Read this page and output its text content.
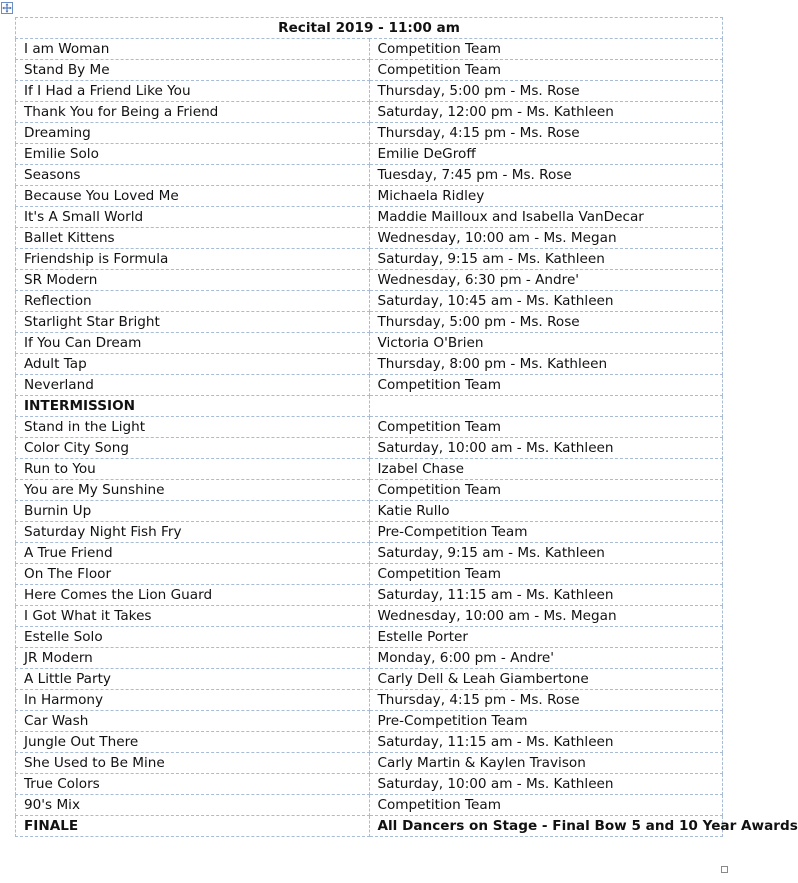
Recital 2019 - 11:00 am	
I am Woman	Competition Team
Stand By Me	Competition Team
If I Had a Friend Like You	Thursday, 5:00 pm - Ms. Rose
Thank You for Being a Friend	Saturday, 12:00 pm - Ms. Kathleen
Dreaming	Thursday, 4:15 pm - Ms. Rose
Emilie Solo	Emilie DeGroff
Seasons	Tuesday, 7:45 pm - Ms. Rose
Because You Loved Me	Michaela Ridley
It's A Small World	Maddie Mailloux and Isabella VanDecar
Ballet Kittens	Wednesday, 10:00 am - Ms. Megan
Friendship is Formula	Saturday, 9:15 am - Ms. Kathleen
SR Modern	Wednesday, 6:30 pm - Andre'
Reflection	Saturday, 10:45 am - Ms. Kathleen
Starlight Star Bright	Thursday, 5:00 pm - Ms. Rose
If You Can Dream	Victoria O'Brien
Adult Tap	Thursday, 8:00 pm - Ms. Kathleen
Neverland	Competition Team
INTERMISSION	
Stand in the Light	Competition Team
Color City Song	Saturday, 10:00 am - Ms. Kathleen
Run to You	Izabel Chase
You are My Sunshine	Competition Team
Burnin Up	Katie Rullo
Saturday Night Fish Fry	Pre-Competition Team
A True Friend	Saturday, 9:15 am - Ms. Kathleen
On The Floor	Competition Team
Here Comes the Lion Guard	Saturday, 11:15 am - Ms. Kathleen
I Got What it Takes	Wednesday, 10:00 am - Ms. Megan
Estelle Solo	Estelle Porter
JR Modern	Monday, 6:00 pm - Andre'
A Little Party	Carly Dell & Leah Giambertone
In Harmony	Thursday, 4:15 pm - Ms. Rose
Car Wash	Pre-Competition Team
Jungle Out There	Saturday, 11:15 am - Ms. Kathleen
She Used to Be Mine	Carly Martin & Kaylen Travison
True Colors	Saturday, 10:00 am - Ms. Kathleen
90's Mix	Competition Team
FINALE	All Dancers on Stage - Final Bow 5 and 10 Year Awards
